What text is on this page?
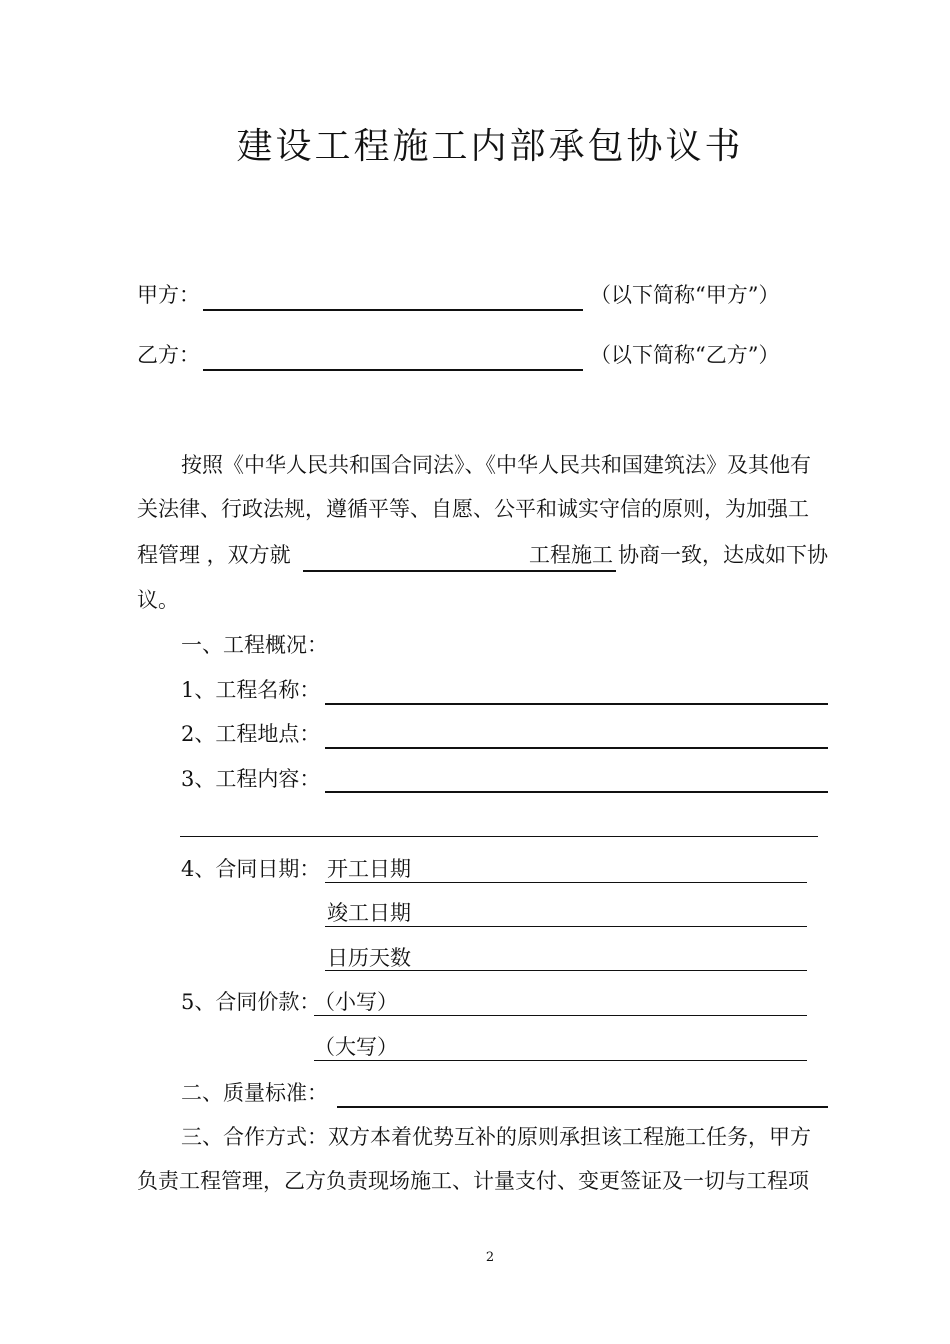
建设工程施工内部承包协议书
甲方：	（以下简称“甲方”）
乙方：	（以下简称“乙方”）
按照《中华人民共和国合同法》、《中华人民共和国建筑法》及其他有
关法律、行政法规，遵循平等、自愿、公平和诚实守信的原则，为加强工
程管理 ，双方就	工程施工 协商一致，达成如下协
议。
一、工程概况：
1、工程名称：
2、工程地点：
3、工程内容：
4、合同日期： 开工日期
竣工日期
日历天数
5、合同价款：
（小写）
（大写）
二、质量标准：
三、合作方式：双方本着优势互补的原则承担该工程施工任务，甲方
负责工程管理，乙方负责现场施工、计量支付、变更签证及一切与工程项
2
